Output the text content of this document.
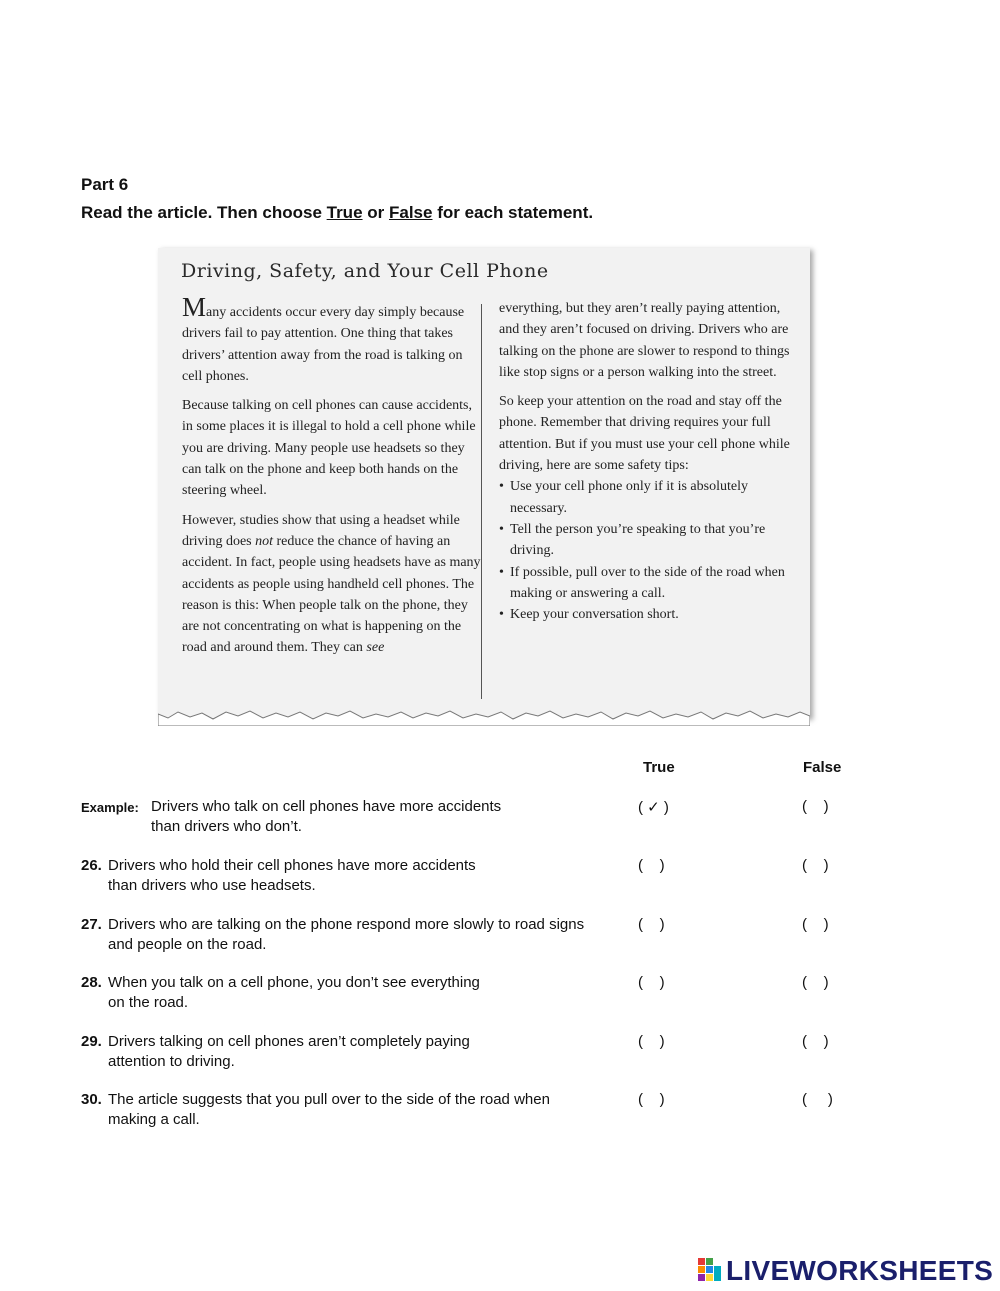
Part 6
Read the article. Then choose True or False for each statement.
Driving, Safety, and Your Cell Phone

Many accidents occur every day simply because drivers fail to pay attention. One thing that takes drivers’ attention away from the road is talking on cell phones.

Because talking on cell phones can cause accidents, in some places it is illegal to hold a cell phone while you are driving. Many people use headsets so they can talk on the phone and keep both hands on the steering wheel.

However, studies show that using a headset while driving does not reduce the chance of having an accident. In fact, people using headsets have as many accidents as people using handheld cell phones. The reason is this: When people talk on the phone, they are not concentrating on what is happening on the road and around them. They can see

everything, but they aren’t really paying attention, and they aren’t focused on driving. Drivers who are talking on the phone are slower to respond to things like stop signs or a person walking into the street.

So keep your attention on the road and stay off the phone. Remember that driving requires your full attention. But if you must use your cell phone while driving, here are some safety tips:

• Use your cell phone only if it is absolutely necessary.
• Tell the person you’re speaking to that you’re driving.
• If possible, pull over to the side of the road when making or answering a call.
• Keep your conversation short.
True	False
Example: Drivers who talk on cell phones have more accidents
than drivers who don’t.
( ✓ )	(    )
26. Drivers who hold their cell phones have more accidents
than drivers who use headsets.
(    )	(    )
27. Drivers who are talking on the phone respond more slowly to road signs
and people on the road.
(    )	(    )
28. When you talk on a cell phone, you don’t see everything
on the road.
(    )	(    )
29. Drivers talking on cell phones aren’t completely paying
attention to driving.
(    )	(    )
30. The article suggests that you pull over to the side of the road when
making a call.
(    )	(     )
LIVEWORKSHEETS
